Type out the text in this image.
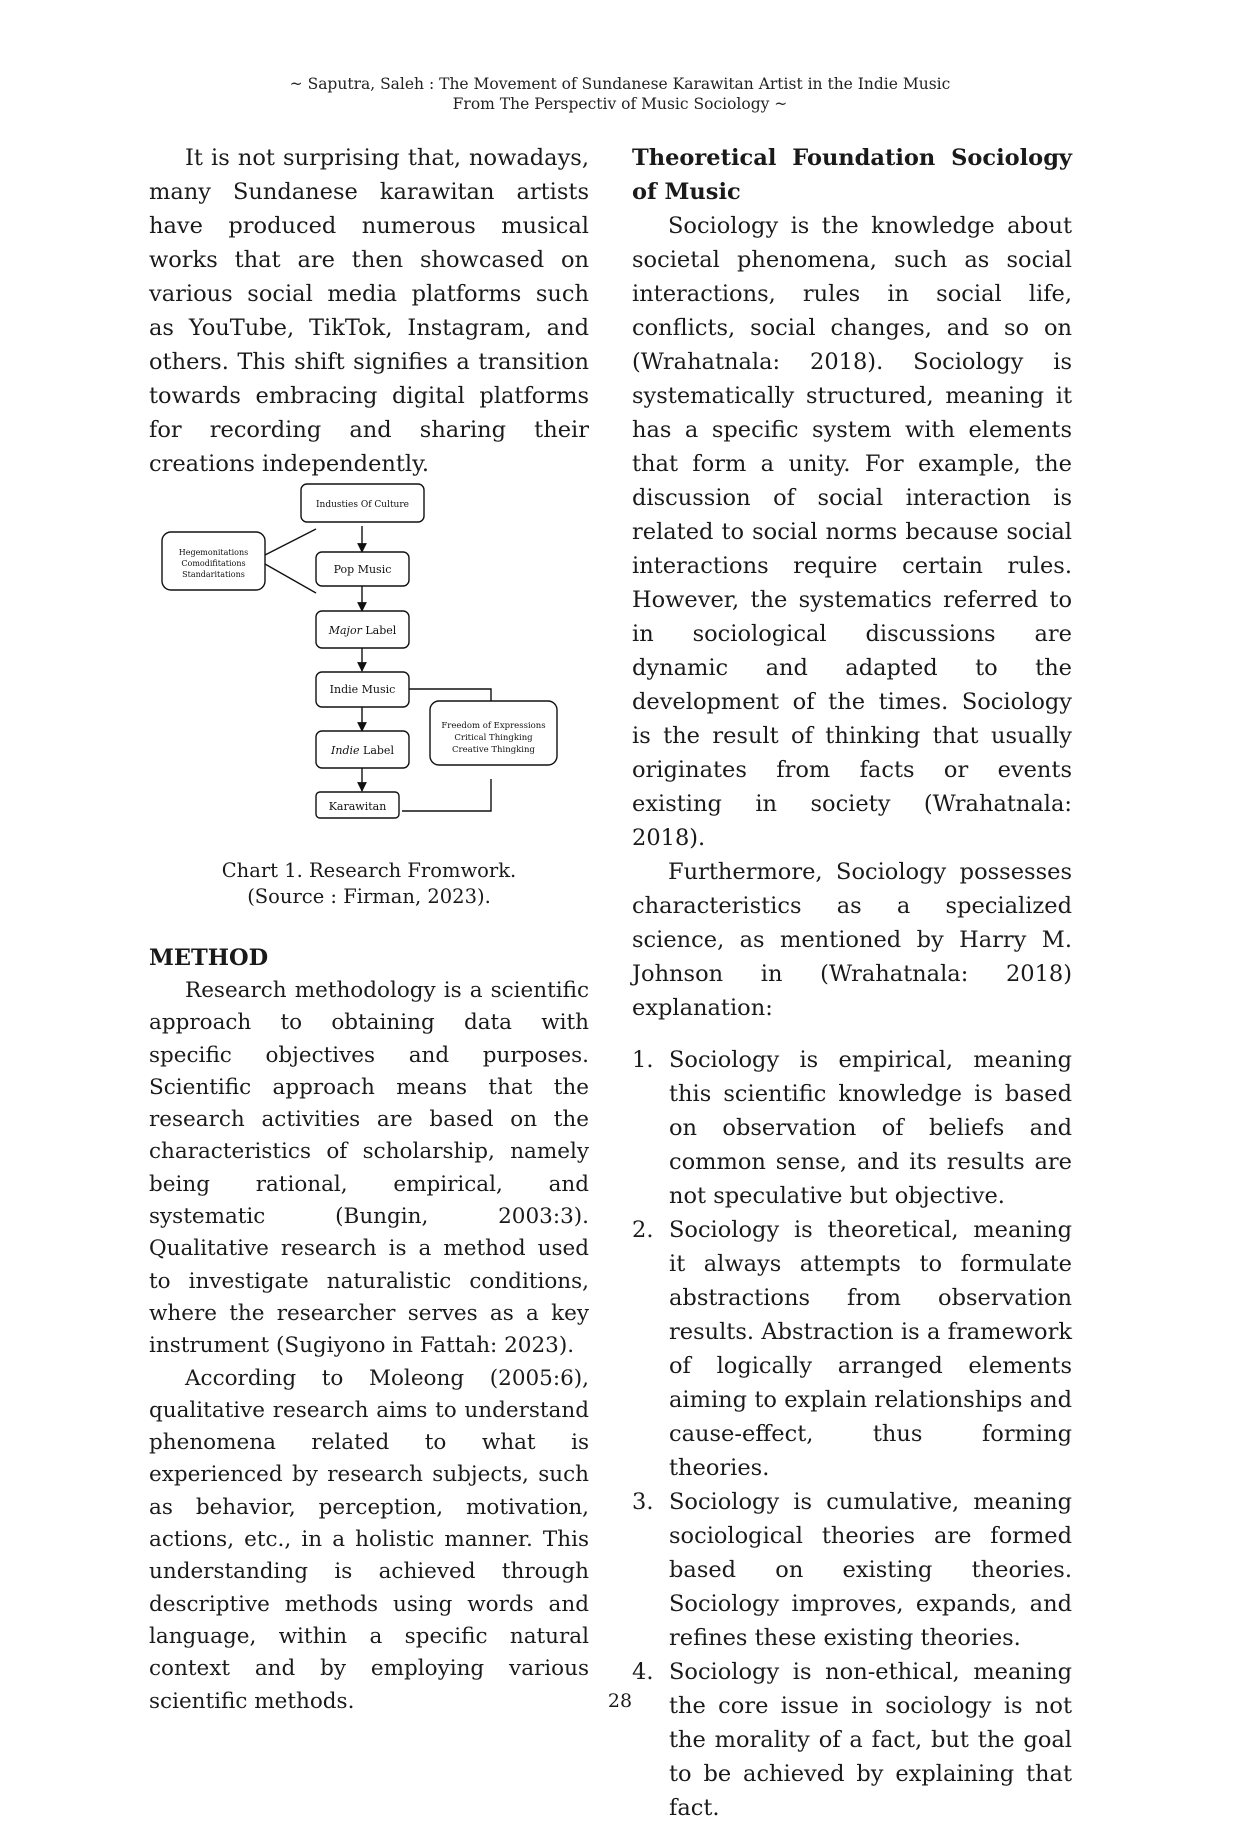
~ Saputra, Saleh : The Movement of Sundanese Karawitan Artist in the Indie Music
From The Perspectiv of Music Sociology ~

It is not surprising that, nowadays, many Sundanese karawitan artists have produced numerous musical works that are then showcased on various social media platforms such as YouTube, TikTok, Instagram, and others. This shift signifies a transition towards embracing digital platforms for recording and sharing their creations independently.

Industies Of Culture
Pop Music
Major Label
Indie Music
Indie Label
Karawitan
Hegemonitations
Comodifitations
Standaritations
Freedom of Expressions
Critical Thingking
Creative Thingking
Chart 1. Research Fromwork.
(Source : Firman, 2023).
METHOD

Research methodology is a scientific approach to obtaining data with specific objectives and purposes. Scientific approach means that the research activities are based on the characteristics of scholarship, namely being rational, empirical, and systematic (Bungin, 2003:3). Qualitative research is a method used to investigate naturalistic conditions, where the researcher serves as a key instrument (Sugiyono in Fattah: 2023).

According to Moleong (2005:6), qualitative research aims to understand phenomena related to what is experienced by research subjects, such as behavior, perception, motivation, actions, etc., in a holistic manner. This understanding is achieved through descriptive methods using words and language, within a specific natural context and by employing various scientific methods.

Theoretical Foundation Sociology of Music

Sociology is the knowledge about societal phenomena, such as social interactions, rules in social life, conflicts, social changes, and so on (Wrahatnala: 2018). Sociology is systematically structured, meaning it has a specific system with elements that form a unity. For example, the discussion of social interaction is related to social norms because social interactions require certain rules. However, the systematics referred to in sociological discussions are dynamic and adapted to the development of the times. Sociology is the result of thinking that usually originates from facts or events existing in society (Wrahatnala: 2018).

Furthermore, Sociology possesses characteristics as a specialized science, as mentioned by Harry M. Johnson in (Wrahatnala: 2018) explanation:

1. Sociology is empirical, meaning this scientific knowledge is based on observation of beliefs and common sense, and its results are not speculative but objective.
2. Sociology is theoretical, meaning it always attempts to formulate abstractions from observation results. Abstraction is a framework of logically arranged elements aiming to explain relationships and cause-effect, thus forming theories.
3. Sociology is cumulative, meaning sociological theories are formed based on existing theories. Sociology improves, expands, and refines these existing theories.
4. Sociology is non-ethical, meaning the core issue in sociology is not the morality of a fact, but the goal to be achieved by explaining that fact.
28
